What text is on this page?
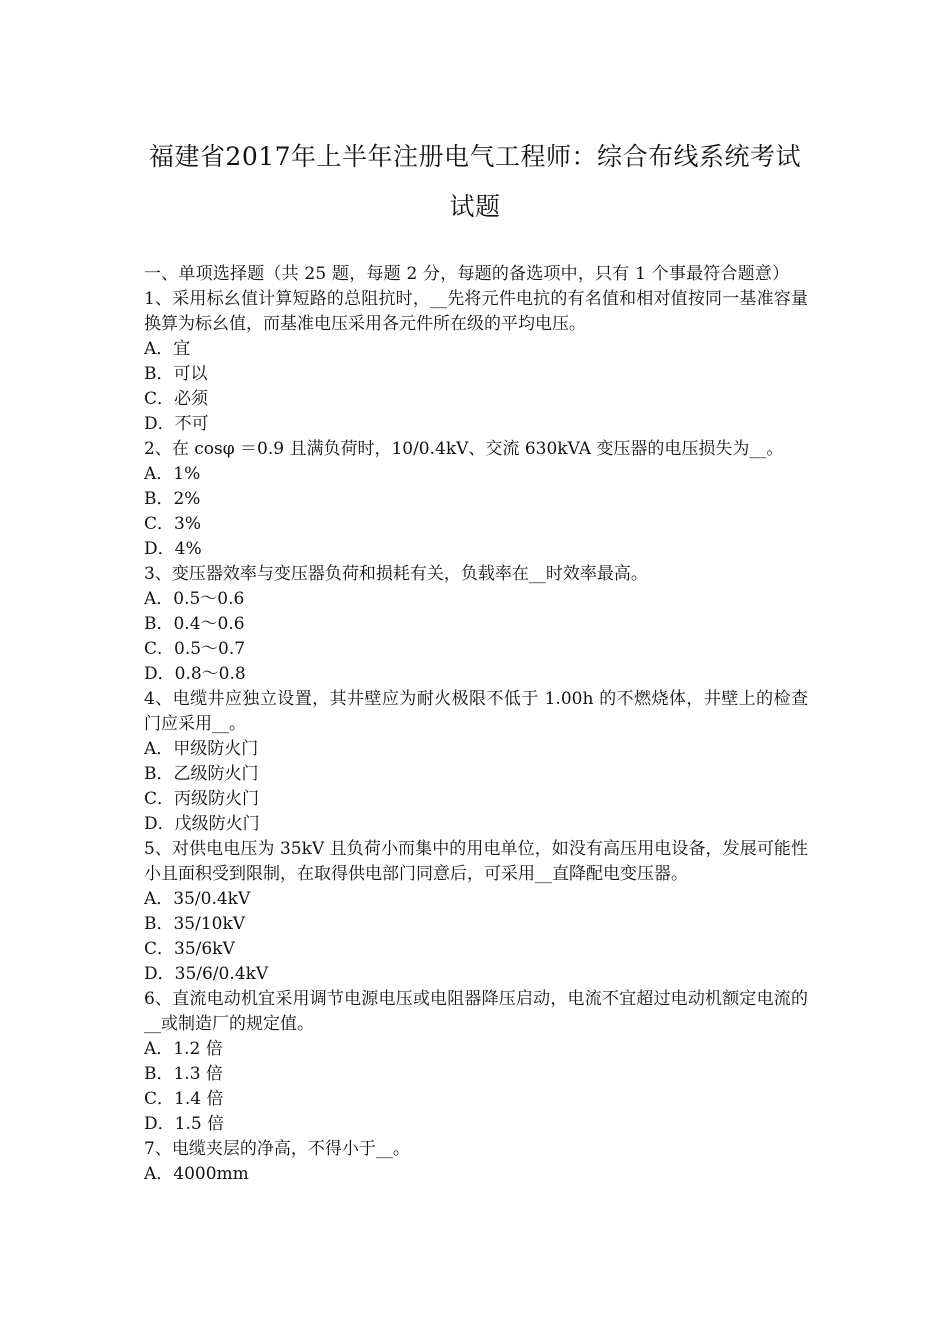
福建省2017年上半年注册电气工程师：综合布线系统考试
试题
一、单项选择题（共 25 题，每题 2 分，每题的备选项中，只有 1 个事最符合题意）
1、采用标幺值计算短路的总阻抗时，__先将元件电抗的有名值和相对值按同一基准容量换算为标幺值，而基准电压采用各元件所在级的平均电压。
A．宜
B．可以
C．必须
D．不可
2、在 cosφ ＝0.9 且满负荷时，10/0.4kV、交流 630kVA 变压器的电压损失为__。
A．1%
B．2%
C．3%
D．4%
3、变压器效率与变压器负荷和损耗有关，负载率在__时效率最高。
A．0.5～0.6
B．0.4～0.6
C．0.5～0.7
D．0.8～0.8
4、电缆井应独立设置，其井壁应为耐火极限不低于 1.00h 的不燃烧体，井壁上的检查门应采用__。
A．甲级防火门
B．乙级防火门
C．丙级防火门
D．戊级防火门
5、对供电电压为 35kV 且负荷小而集中的用电单位，如没有高压用电设备，发展可能性小且面积受到限制，在取得供电部门同意后，可采用__直降配电变压器。
A．35/0.4kV
B．35/10kV
C．35/6kV
D．35/6/0.4kV
6、直流电动机宜采用调节电源电压或电阻器降压启动，电流不宜超过电动机额定电流的__或制造厂的规定值。
A．1.2 倍
B．1.3 倍
C．1.4 倍
D．1.5 倍
7、电缆夹层的净高，不得小于__。
A．4000mm
